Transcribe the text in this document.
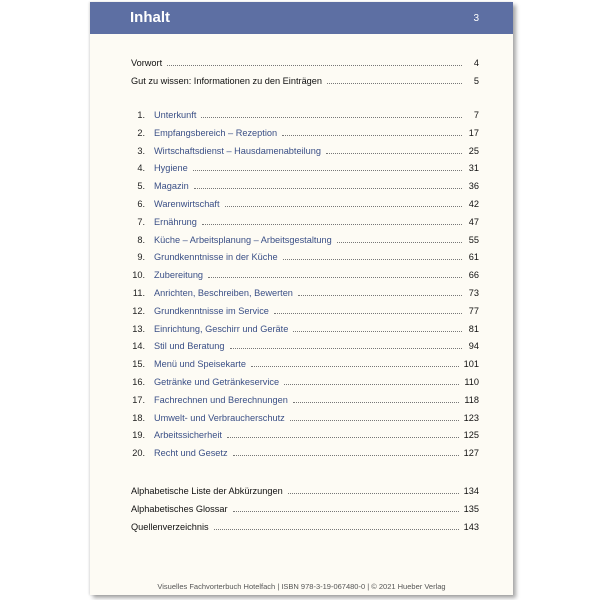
Inhalt	3
Vorwort	4
Gut zu wissen: Informationen zu den Einträgen	5
1. Unterkunft	7
2. Empfangsbereich – Rezeption	17
3. Wirtschaftsdienst – Hausdamenabteilung	25
4. Hygiene	31
5. Magazin	36
6. Warenwirtschaft	42
7. Ernährung	47
8. Küche – Arbeitsplanung – Arbeitsgestaltung	55
9. Grundkenntnisse in der Küche	61
10. Zubereitung	66
11. Anrichten, Beschreiben, Bewerten	73
12. Grundkenntnisse im Service	77
13. Einrichtung, Geschirr und Geräte	81
14. Stil und Beratung	94
15. Menü und Speisekarte	101
16. Getränke und Getränkeservice	110
17. Fachrechnen und Berechnungen	118
18. Umwelt- und Verbraucherschutz	123
19. Arbeitssicherheit	125
20. Recht und Gesetz	127
Alphabetische Liste der Abkürzungen	134
Alphabetisches Glossar	135
Quellenverzeichnis	143
Visuelles Fachvorterbuch Hotelfach | ISBN 978-3-19-067480-0 | © 2021 Hueber Verlag
